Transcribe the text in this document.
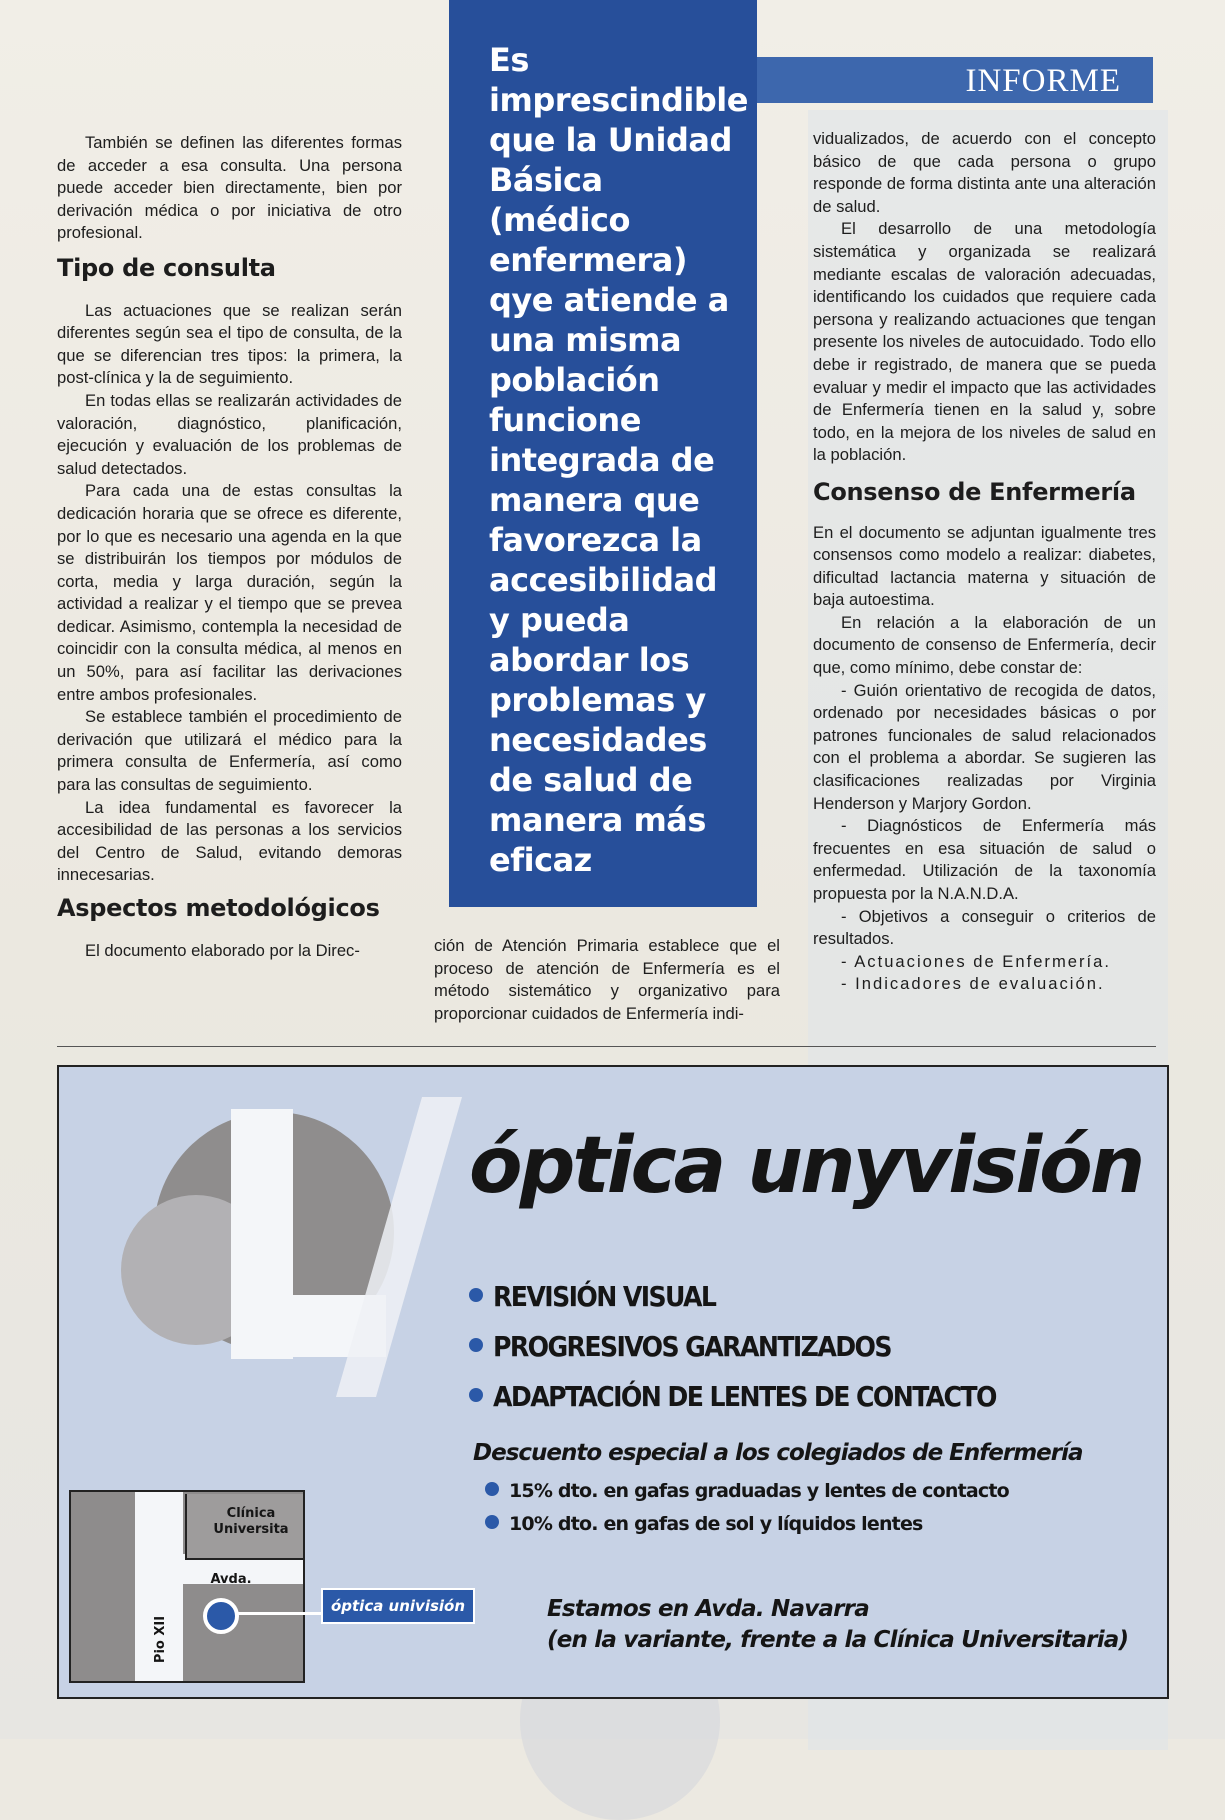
INFORME

Es imprescindible que la Unidad Básica (médico enfermera) qye atiende a una misma población funcione integrada de manera que favorezca la accesibilidad y pueda abordar los problemas y necesidades de salud de manera más eficaz

También se definen las diferentes formas de acceder a esa consulta. Una persona puede acceder bien directamente, bien por derivación médica o por iniciativa de otro profesional.

Tipo de consulta

Las actuaciones que se realizan serán diferentes según sea el tipo de consulta, de la que se diferencian tres tipos: la primera, la post-clínica y la de seguimiento.

En todas ellas se realizarán actividades de valoración, diagnóstico, planificación, ejecución y evaluación de los problemas de salud detectados.

Para cada una de estas consultas la dedicación horaria que se ofrece es diferente, por lo que es necesario una agenda en la que se distribuirán los tiempos por módulos de corta, media y larga duración, según la actividad a realizar y el tiempo que se prevea dedicar. Asimismo, contempla la necesidad de coincidir con la consulta médica, al menos en un 50%, para así facilitar las derivaciones entre ambos profesionales.

Se establece también el procedimiento de derivación que utilizará el médico para la primera consulta de Enfermería, así como para las consultas de seguimiento.

La idea fundamental es favorecer la accesibilidad de las personas a los servicios del Centro de Salud, evitando demoras innecesarias.

Aspectos metodológicos

El documento elaborado por la Direc-	ción de Atención Primaria establece que el proceso de atención de Enfermería es el método sistemático y organizativo para proporcionar cuidados de Enfermería indi-

vidualizados, de acuerdo con el concepto básico de que cada persona o grupo responde de forma distinta ante una alteración de salud.

El desarrollo de una metodología sistemática y organizada se realizará mediante escalas de valoración adecuadas, identificando los cuidados que requiere cada persona y realizando actuaciones que tengan presente los niveles de autocuidado. Todo ello debe ir registrado, de manera que se pueda evaluar y medir el impacto que las actividades de Enfermería tienen en la salud y, sobre todo, en la mejora de los niveles de salud en la población.

Consenso de Enfermería

En el documento se adjuntan igualmente tres consensos como modelo a realizar: diabetes, dificultad lactancia materna y situación de baja autoestima.

En relación a la elaboración de un documento de consenso de Enfermería, decir que, como mínimo, debe constar de:

- Guión orientativo de recogida de datos, ordenado por necesidades básicas o por patrones funcionales de salud relacionados con el problema a abordar. Se sugieren las clasificaciones realizadas por Virginia Henderson y Marjory Gordon.

- Diagnósticos de Enfermería más frecuentes en esa situación de salud o enfermedad. Utilización de la taxonomía propuesta por la N.A.N.D.A.

- Objetivos a conseguir o criterios de resultados.

- Actuaciones de Enfermería.

- Indicadores de evaluación.

óptica unyvisión
REVISIÓN VISUAL
PROGRESIVOS GARANTIZADOS
ADAPTACIÓN DE LENTES DE CONTACTO
Descuento especial a los colegiados de Enfermería
15% dto. en gafas graduadas y lentes de contacto
10% dto. en gafas de sol y líquidos lentes
Estamos en Avda. Navarra
(en la variante, frente a la Clínica Universitaria)
Clínica Universita
Avda.
Pio XII
óptica univisión
